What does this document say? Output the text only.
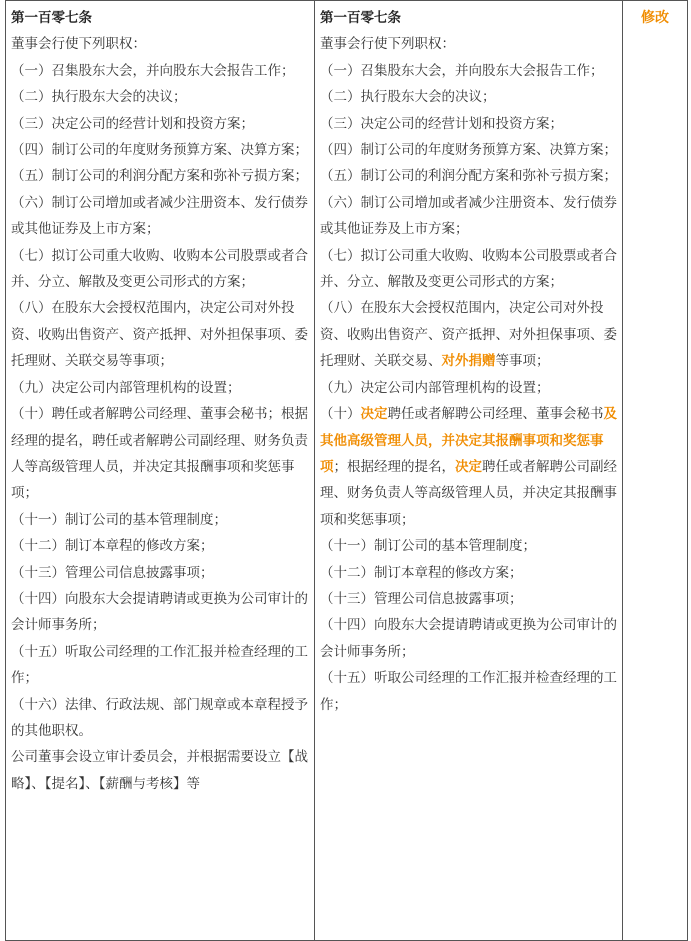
第一百零七条
董事会行使下列职权：
（一）召集股东大会，并向股东大会报告工作；
（二）执行股东大会的决议；
（三）决定公司的经营计划和投资方案；
（四）制订公司的年度财务预算方案、决算方案；
（五）制订公司的利润分配方案和弥补亏损方案；
（六）制订公司增加或者减少注册资本、发行债券或其他证券及上市方案；
（七）拟订公司重大收购、收购本公司股票或者合并、分立、解散及变更公司形式的方案；
（八）在股东大会授权范围内，决定公司对外投资、收购出售资产、资产抵押、对外担保事项、委托理财、关联交易等事项；
（九）决定公司内部管理机构的设置；
（十）聘任或者解聘公司经理、董事会秘书；根据经理的提名，聘任或者解聘公司副经理、财务负责人等高级管理人员，并决定其报酬事项和奖惩事项；
（十一）制订公司的基本管理制度；
（十二）制订本章程的修改方案；
（十三）管理公司信息披露事项；
（十四）向股东大会提请聘请或更换为公司审计的会计师事务所；
（十五）听取公司经理的工作汇报并检查经理的工作；
（十六）法律、行政法规、部门规章或本章程授予的其他职权。
公司董事会设立审计委员会，并根据需要设立【战略】、【提名】、【薪酬与考核】等

第一百零七条
董事会行使下列职权：
（一）召集股东大会，并向股东大会报告工作；
（二）执行股东大会的决议；
（三）决定公司的经营计划和投资方案；
（四）制订公司的年度财务预算方案、决算方案；
（五）制订公司的利润分配方案和弥补亏损方案；
（六）制订公司增加或者减少注册资本、发行债券或其他证券及上市方案；
（七）拟订公司重大收购、收购本公司股票或者合并、分立、解散及变更公司形式的方案；
（八）在股东大会授权范围内，决定公司对外投资、收购出售资产、资产抵押、对外担保事项、委托理财、关联交易、对外捐赠等事项；
（九）决定公司内部管理机构的设置；
（十）决定聘任或者解聘公司经理、董事会秘书及其他高级管理人员，并决定其报酬事项和奖惩事项；根据经理的提名，决定聘任或者解聘公司副经理、财务负责人等高级管理人员，并决定其报酬事项和奖惩事项；
（十一）制订公司的基本管理制度；
（十二）制订本章程的修改方案；
（十三）管理公司信息披露事项；
（十四）向股东大会提请聘请或更换为公司审计的会计师事务所；
（十五）听取公司经理的工作汇报并检查经理的工作；
	修改
